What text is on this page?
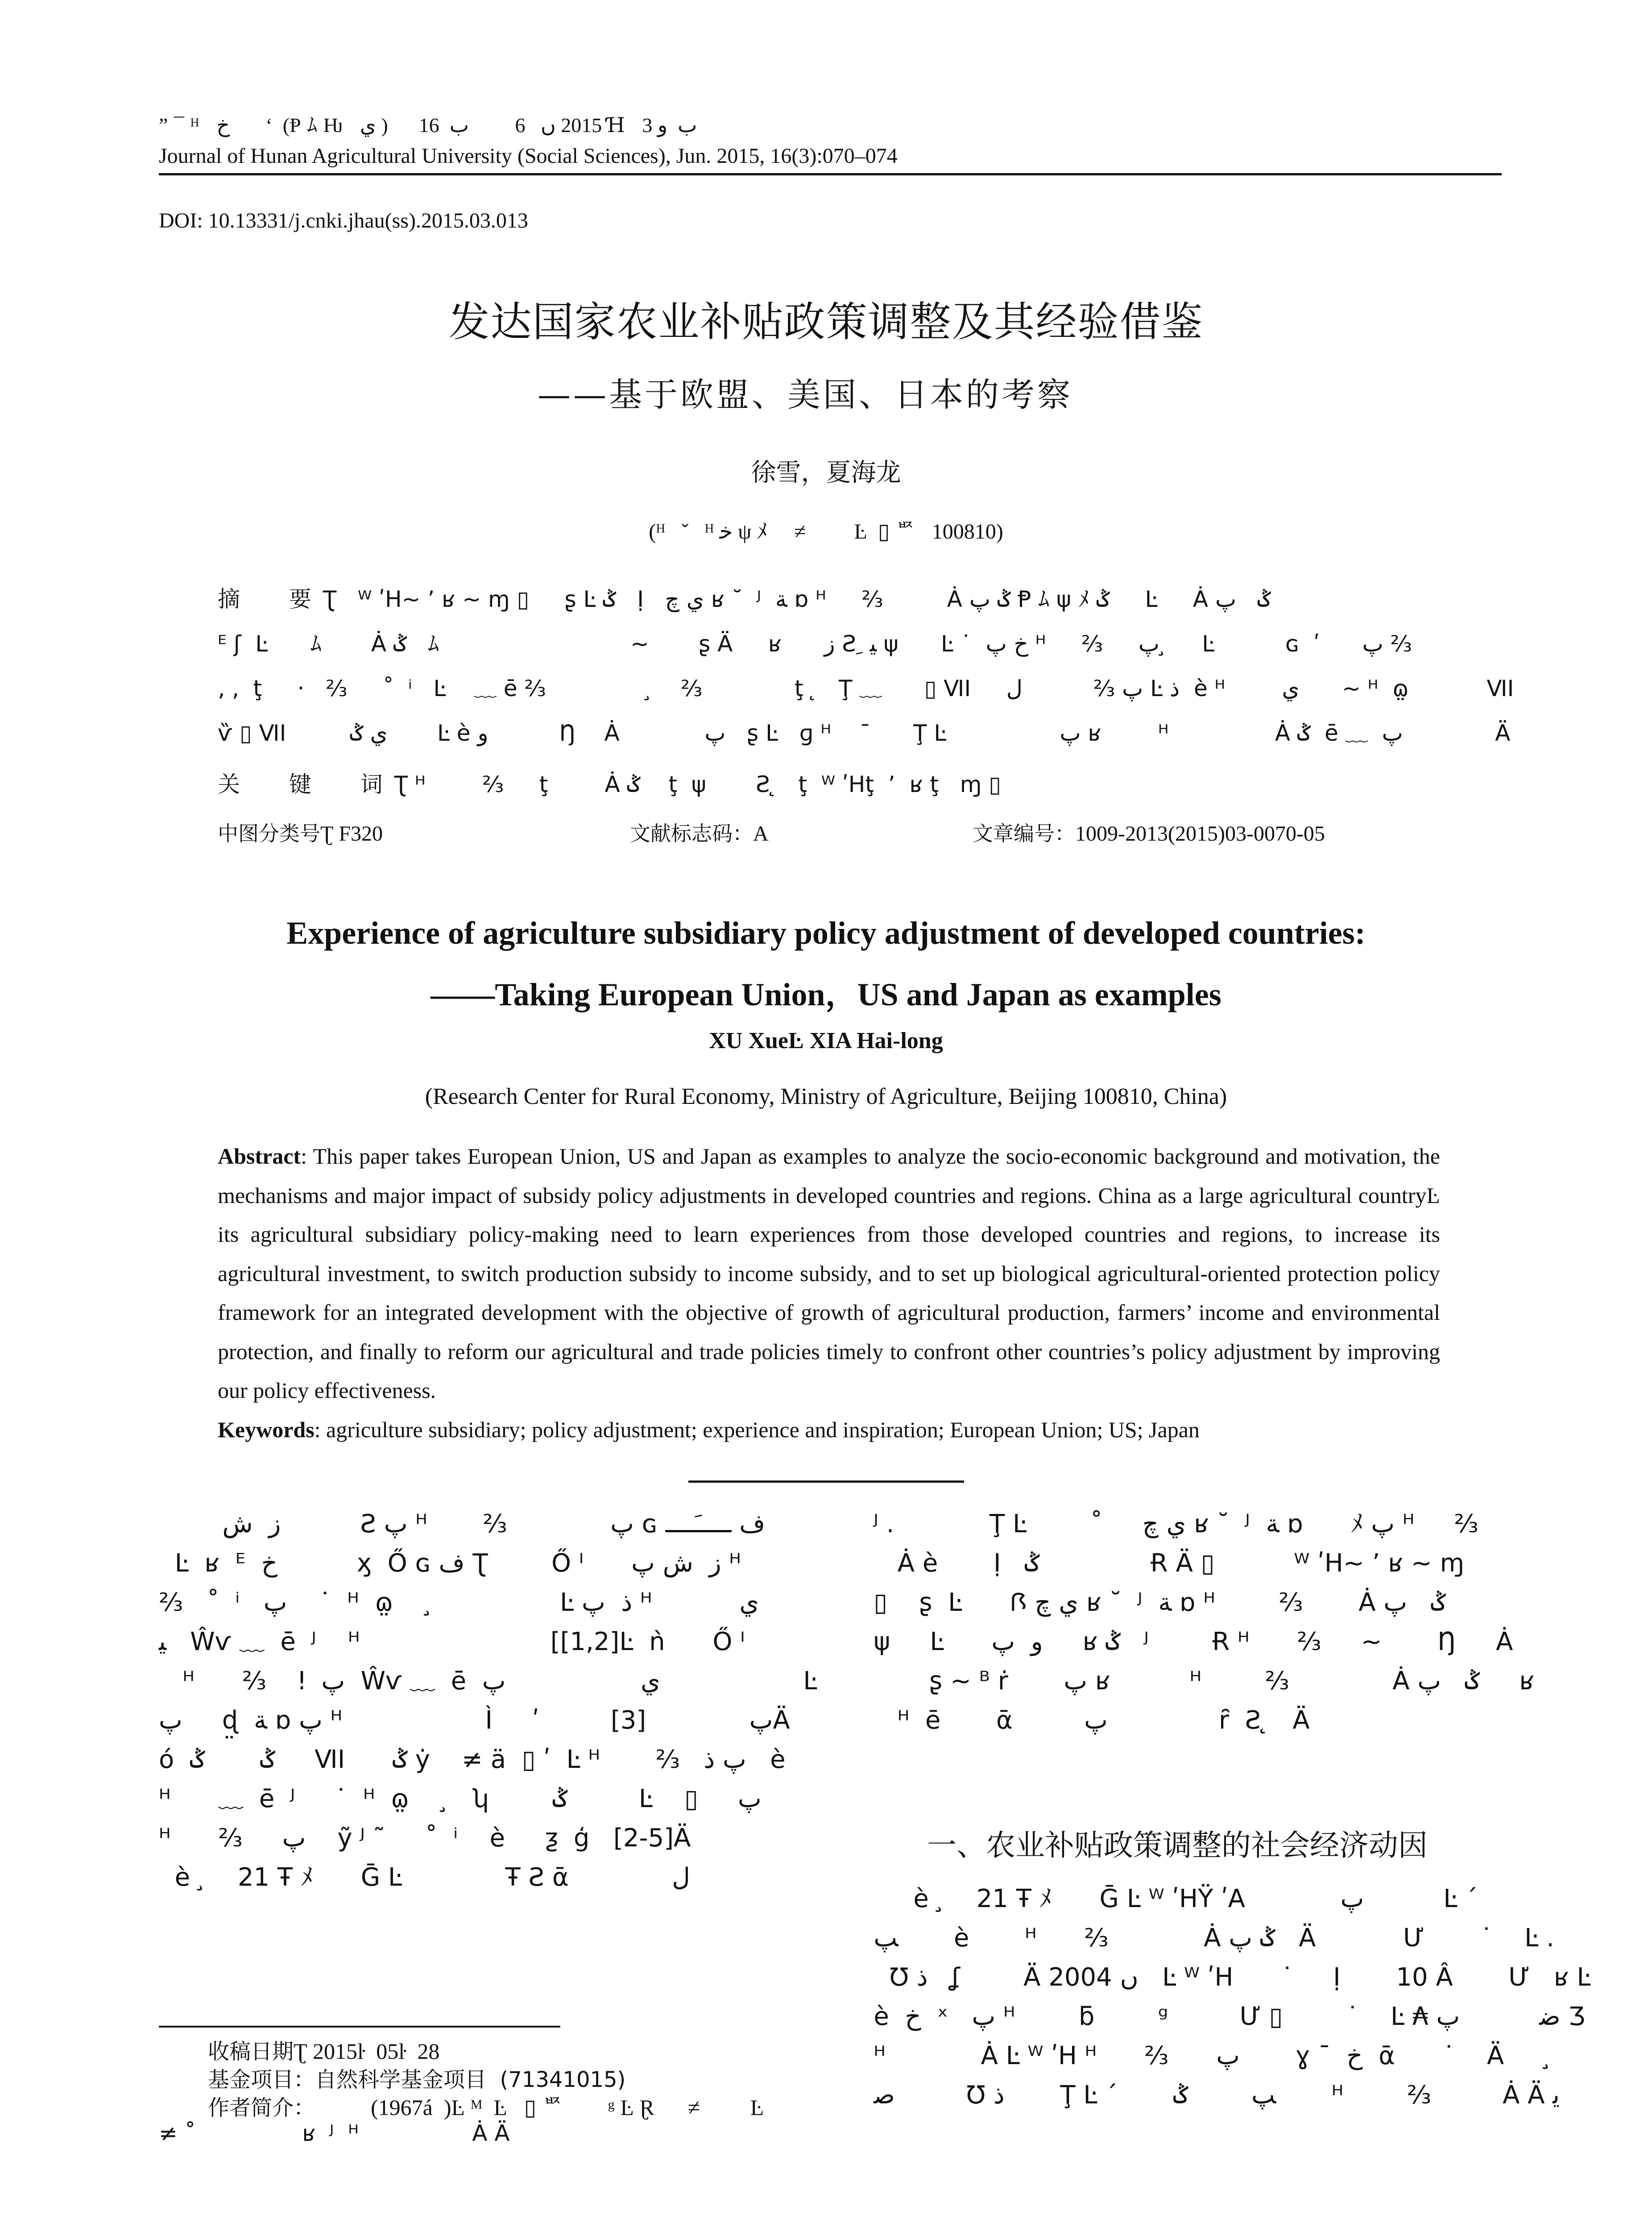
” ¯ ᴴ   ﺥ       ʻ  (Ᵽ ﾑ Ƕ   ي )      2015 ں   6         ب  16 Ɦ   ب  ﻭ 3
Journal of Hunan Agricultural University (Social Sciences), Jun. 2015, 16(3):070–074
DOI: 10.13331/j.cnki.jhau(ss).2015.03.013
发达国家农业补贴政策调整及其经验借鉴
——基于欧盟、美国、日本的考察
徐雪，夏海龙
(ᴴ   ˇ   ᴴ ﺧ ψ ﾒ     ≠         Ŀ  ▯ ᄧ   100810)
摘  要Ʈ   ᵂ ʹH~ ʼ ʁ ~ ɱ ▯     ʂ Ŀ ݣ   Ị   ﻱ ﭺ ʁ ˘  ᴶ  ﺔ ɒ ᴴ     ⅔         Ȧ ݣ پ Ᵽ ﾑ ψ ﾒ ݣ     Ŀ     Ȧ ݣ   پ
ᴱ ʃ  Ŀ      ﾑ       Ȧ ݣ   ﾑ                           ~       ʂ Ä     ʁ      ز Ƨ ِ ﯿ ψ      Ŀ ˙  ﺥ ﭖ ᴴ     ⅔     پ  ̧    Ŀ          ɢ  ʹ      پ ⅔
‚ ‚  ţ     ‧   ⅔     ˚  ⁱ   Ŀ    ﹏ ē ⅔               ̧    ⅔             ţ  ̨   Ţ ﹏      ▯ ⅥI     پ ⅔          ﻝ Ŀ ﺫ  è ᴴ        ي      ~ ᴴ  ɷ̤           ⅥI
ѷ ▯ ⅥI         ي ݣ       Ŀ è ﻭ          Ŋ    Ȧ            پ   ʂ Ŀ   ɡ ᴴ    ¯      Ţ Ŀ                ﭖ ʁ        ᴴ               Ȧ ݣ  ē ﹏  پ             Ä
关  键  词Ʈ ᴴ        ⅔     ţ        Ȧ ݣ    ţ  ψ       Ƨ ̨   ţ  ᵂ ʹHţ  ʼ  ʁ ţ   ɱ ▯
中图分类号Ʈ F320	文献标志码：A	文章编号：1009-2013(2015)03-0070-05
Experience of agriculture subsidiary policy adjustment of developed countries:
——Taking European Union，US and Japan as examples
XU XueĿ XIA Hai-long
(Research Center for Rural Economy, Ministry of Agriculture, Beijing 100810, China)
Abstract: This paper takes European Union, US and Japan as examples to analyze the socio-economic background and motivation, the mechanisms and major impact of subsidy policy adjustments in developed countries and regions. China as a large agricultural countryĿ its agricultural subsidiary policy-making need to learn experiences from those developed countries and regions, to increase its agricultural investment, to switch production subsidy to income subsidy, and to set up biological agricultural-oriented protection policy framework for an integrated development with the objective of growth of agricultural production, farmers’ income and environmental protection, and finally to reform our agricultural and trade policies timely to confront other countries’s policy adjustment by improving our policy effectiveness.
Keywords: agriculture subsidiary; policy adjustment; experience and inspiration; European Union; US; Japan
ز  ﺵ          Ƨ ﭖ ᴴ       ⅔             پ ɢ ﻑ ـــــَــــ
Ŀ  ʁ  ᴱ  ﺥ          ӽ  Ő ɢ ﻑ Ʈ        Ő ᴵ      ز  ﺵ پ ᴴ
⅔   ˚  ⁱ   ﭖ    ˙  ᴴ  ɷ̤     ̧                Ŀ ﺫ  ﭖ ᴴ           ي
ﯿ   Ŵѵ ﹏  ē  ᴶ    ᴴ                        [[1,2]Ŀ  ǹ      Ő ᴵ
ᴴ      ⅔    ǃ  ﭖ  Ŵѵ ﹏  ē  ي                 پ                  Ŀ
ﭖ     ɖ̤  ﺔ ɒ پ ᴴ                  Ì     ʹ         پ             [3]Ä
ó  ݣ       ݣ     ⅥI      ݣ ẏ    ≠ ä  ▯ ʹ  Ŀ ᴴ       ⅔   ﭖ ﺫ   è
ᴴ      ﹏  ē  ᴶ     ˙  ᴴ  ɷ̤     ̧   ʮ        ݣ         Ŀ    ▯     ﭖ
ᴴ      ⅔     پ    ỹ ᴶ ˜     ˚  ⁱ    è     ƺ  ģ   [2-5]Ä
è  ̧    21 Ŧ ﾒ      Ḡ Ŀ             Ŧ Ƨ ᾱ             ﻝ
ᴶ .            Ţ Ŀ        ˚     ي ﭺ ʁ ˘  ᴶ  ﺔ ɒ      ﾒ ﭖ ᴴ     ⅔
Ȧ è       Ị   ݣ              Ɍ Ä ▯          ᵂ ʹH~ ʼ ʁ ~ ɱ
▯    ʂ  Ŀ      Ꟗ ي ﭺ ʁ ˘  ᴶ  ﺔ ɒ ᴴ        ⅔       Ȧ ݣ   پ
ψ     Ŀ      ﻭ  ﭖ     ʁ ݣ   ᴶ        Ɍ ᴴ      ⅔     ~       Ŋ     Ȧ
ʂ ~ ᴮ ṙ       ﭖ ʁ          ᴴ        ⅔             Ȧ ݣ   ﭖ     ʁ
ᴴ  ē       ᾱ         پ              ȓ  Ƨ ̨   Ä
一、农业补贴政策调整的社会经济动因
è  ̧    21 Ŧ ﾒ      Ḡ Ŀ ᵂ ʹHŸ ʹA            پ          Ŀ ˊ
ﭗ       è       ᴴ      ⅔            Ȧ ݣ پ   Ä           Ư       ˙    Ŀ .
Ʊ ﺫ   ʆ        Ä 2004 ں   Ŀ ᵂ ʹH      ˙     Ị       10 Â       Ư   ʁ Ŀ
è  ﺥ  ˣ   پ ᴴ        ƃ        ᵍ         Ư ▯        ˙    Ŀ ₳ ﺿ          پ Ʒ
ᴴ            Ȧ Ŀ ᵂ ʹH ᴴ      ⅔      پ       ɣ ¯  ﺥ  ᾱ      ˙    Ä      ̧
ﺻ         Ʊ ﺫ       Ţ Ŀ ˊ       ﭗ        ݣ       ᴴ        ⅔         Ȧ Ä ﻳ
收稿日期Ʈ 2015ŀ  05ŀ  28
基金项目：自然科学基金项目  (71341015)
作者简介：          (1967á  )Ŀ ᴹ  Ŀ   ▯ ᄧ        ᵍ Ŀ Ɽ      ≠         Ŀ
≠ ˚               ʁ  ᴶ  ᴴ                Ȧ Ä
